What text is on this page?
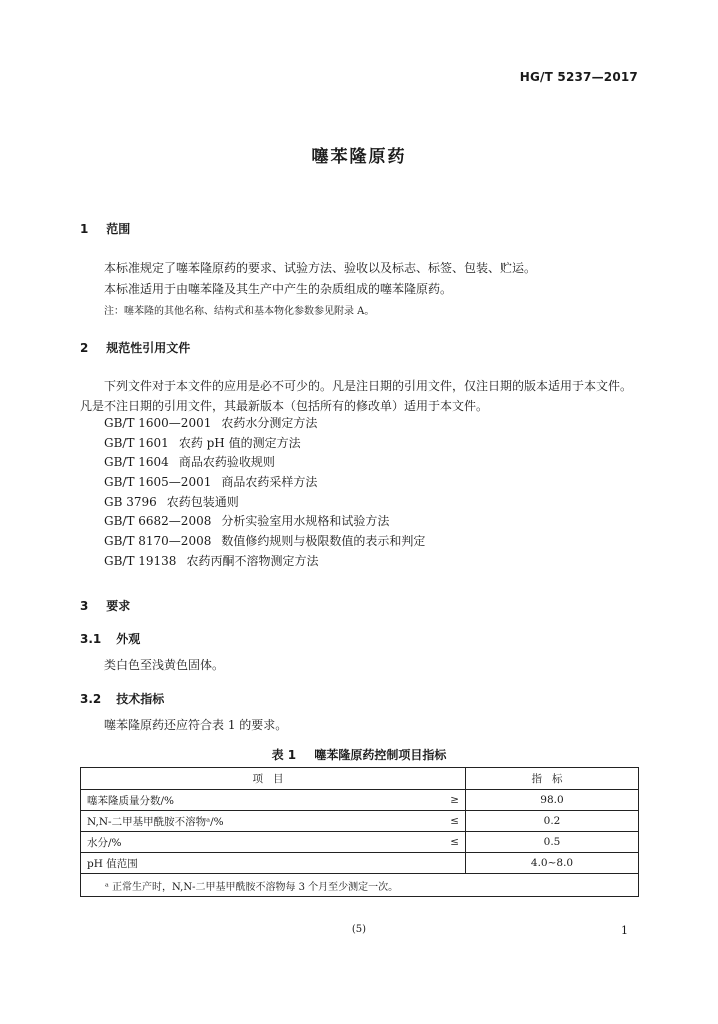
HG/T 5237—2017
噻苯隆原药
1 范围
本标准规定了噻苯隆原药的要求、试验方法、验收以及标志、标签、包装、贮运。
本标准适用于由噻苯隆及其生产中产生的杂质组成的噻苯隆原药。
注：噻苯隆的其他名称、结构式和基本物化参数参见附录 A。
2 规范性引用文件
下列文件对于本文件的应用是必不可少的。凡是注日期的引用文件，仅注日期的版本适用于本文件。凡是不注日期的引用文件，其最新版本（包括所有的修改单）适用于本文件。
GB/T 1600—2001 农药水分测定方法
GB/T 1601 农药 pH 值的测定方法
GB/T 1604 商品农药验收规则
GB/T 1605—2001 商品农药采样方法
GB 3796 农药包装通则
GB/T 6682—2008 分析实验室用水规格和试验方法
GB/T 8170—2008 数值修约规则与极限数值的表示和判定
GB/T 19138 农药丙酮不溶物测定方法
3 要求
3.1 外观
类白色至浅黄色固体。
3.2 技术指标
噻苯隆原药还应符合表 1 的要求。
表 1 噻苯隆原药控制项目指标
项目		指标
噻苯隆质量分数/%	≥	98.0
N,N-二甲基甲酰胺不溶物ᵃ/%	≤	0.2
水分/%	≤	0.5
pH 值范围		4.0~8.0
ᵃ 正常生产时，N,N-二甲基甲酰胺不溶物每 3 个月至少测定一次。		
(5)	1
